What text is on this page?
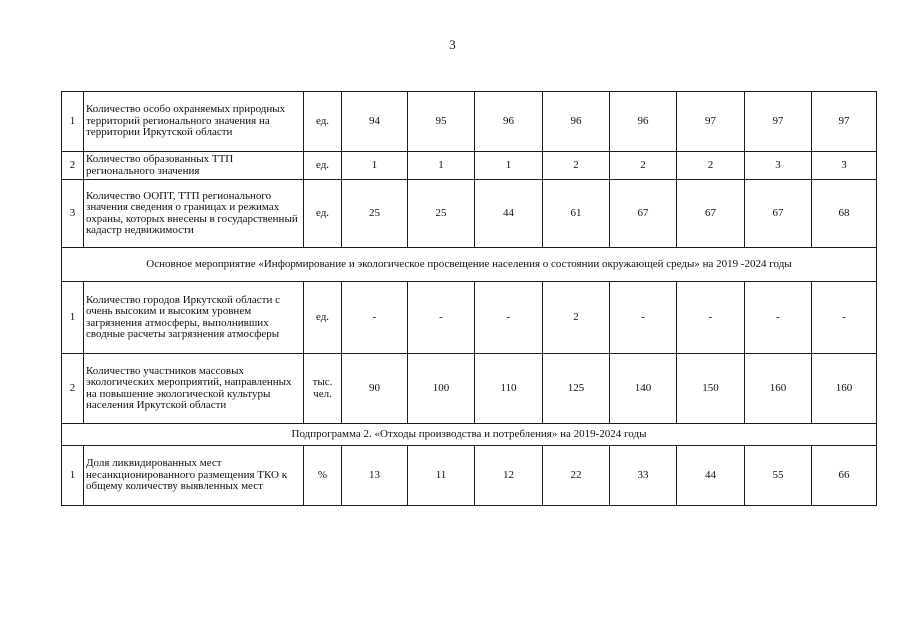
3
1	Количество особо охраняемых природных территорий регионального значения на территории Иркутской области	ед.	94	95	96	96	96	97	97	97
2	Количество образованных ТТП регионального значения	ед.	1	1	1	2	2	2	3	3
3	Количество ООПТ, ТТП регионального значения сведения о границах и режимах охраны, которых внесены в государственный кадастр недвижимости	ед.	25	25	44	61	67	67	67	68
Основное мероприятие «Информирование и экологическое просвещение населения о состоянии окружающей среды» на 2019 -2024 годы										
1	Количество городов Иркутской области с очень высоким и высоким уровнем загрязнения атмосферы, выполнивших сводные расчеты загрязнения атмосферы	ед.	-	-	-	2	-	-	-	-
2	Количество участников массовых экологических мероприятий, направленных на повышение экологической культуры населения Иркутской области	тыс. чел.	90	100	110	125	140	150	160	160
Подпрограмма 2. «Отходы производства и потребления» на 2019-2024 годы										
1	Доля ликвидированных мест несанкционированного размещения ТКО к общему количеству выявленных мест	%	13	11	12	22	33	44	55	66
